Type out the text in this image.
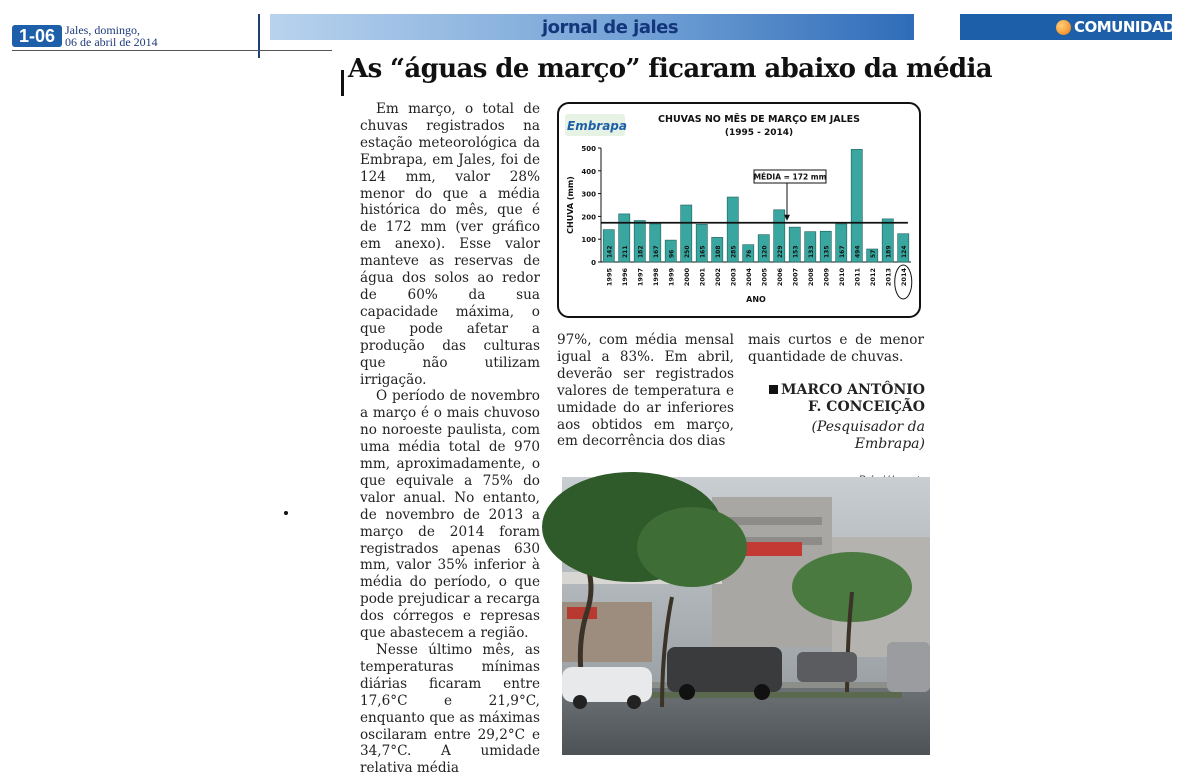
1-06 Jales, domingo,
06 de abril de 2014
jornal de jales	COMUNIDADE
As “águas de março” ficaram abaixo da média

Em março, o total de chuvas registrados na estação meteorológica da Embrapa, em Jales, foi de 124 mm, valor 28% menor do que a média histórica do mês, que é de 172 mm (ver gráfico em anexo). Esse valor manteve as reservas de água dos solos ao redor de 60% da sua capacidade máxima, o que pode afetar a produção das culturas que não utilizam irrigação.

O período de novembro a março é o mais chuvoso no noroeste paulista, com uma média total de 970 mm, aproximadamente, o que equivale a 75% do valor anual. No entanto, de novembro de 2013 a março de 2014 foram registrados apenas 630 mm, valor 35% inferior à média do período, o que pode prejudicar a recarga dos córregos e represas que abastecem a região.

Nesse último mês, as temperaturas mínimas diárias ficaram entre 17,6°C e 21,9°C, enquanto que as máximas oscilaram entre 29,2°C e 34,7°C. A umidade relativa média

Embrapa	CHUVAS NO MÊS DE MARÇO EM JALES
(1995 - 2014)
0
100
200
300
400
500
CHUVA (mm)
142
1995
211
1996
182
1997
167
1998
96
1999
250
2000
165
2001
108
2002
285
2003
76
2004
120
2005
229
2006
153
2007
133
2008
135
2009
167
2010
494
2011
57
2012
189
2013
124
2014
MÉDIA = 172 mm
ANO

97%, com média mensal igual a 83%. Em abril, deverão ser registrados valores de temperatura e umidade do ar inferiores aos obtidos em março, em decorrência dos dias

mais curtos e de menor quantidade de chuvas.

MARCO ANTÔNIO F. CONCEIÇÃO
(Pesquisador da Embrapa)
